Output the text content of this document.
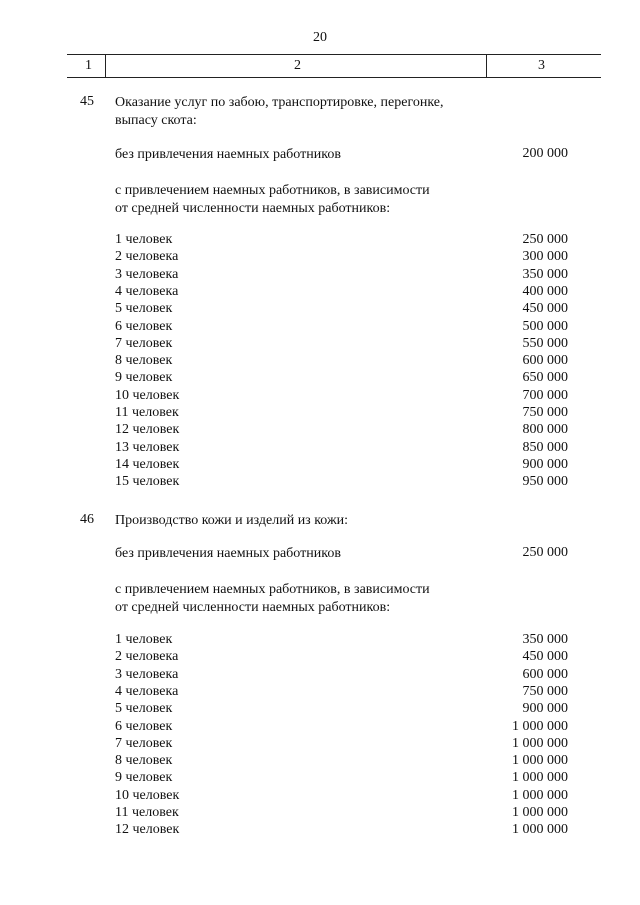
20
1	2	3
45 Оказание услуг по забою, транспортировке, перегонке,
выпасу скота:
без привлечения наемных работников	200 000
с привлечением наемных работников, в зависимости
от средней численности наемных работников:
1 человек	250 000
2 человека	300 000
3 человека	350 000
4 человека	400 000
5 человек	450 000
6 человек	500 000
7 человек	550 000
8 человек	600 000
9 человек	650 000
10 человек	700 000
11 человек	750 000
12 человек	800 000
13 человек	850 000
14 человек	900 000
15 человек	950 000
46 Производство кожи и изделий из кожи:
без привлечения наемных работников	250 000
с привлечением наемных работников, в зависимости
от средней численности наемных работников:
1 человек	350 000
2 человека	450 000
3 человека	600 000
4 человека	750 000
5 человек	900 000
6 человек	1 000 000
7 человек	1 000 000
8 человек	1 000 000
9 человек	1 000 000
10 человек	1 000 000
11 человек	1 000 000
12 человек	1 000 000
